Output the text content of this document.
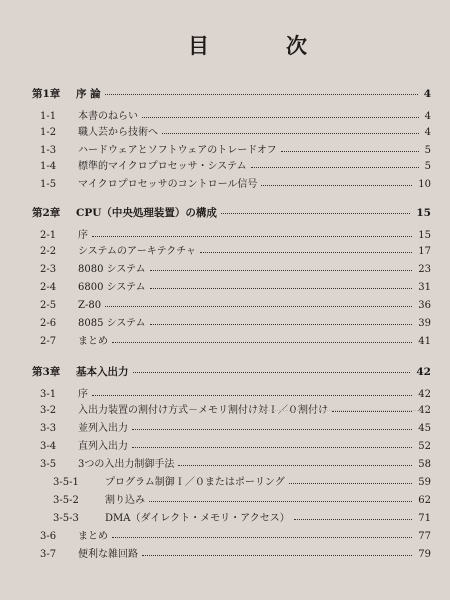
目	次
第1章 序 論	4
1-1 本書のねらい	4
1-2 職人芸から技術へ	4
1-3 ハードウェアとソフトウェアのトレードオフ	5
1-4 標準的マイクロプロセッサ・システム	5
1-5 マイクロプロセッサのコントロール信号	10
第2章 CPU（中央処理装置）の構成	15
2-1 序	15
2-2 システムのアーキテクチャ	17
2-3 8080 システム	23
2-4 6800 システム	31
2-5 Z-80	36
2-6 8085 システム	39
2-7 まとめ	41
第3章 基本入出力	42
3-1 序	42
3-2 入出力装置の割付け方式－メモリ割付け対Ｉ／０割付け	42
3-3 並列入出力	45
3-4 直列入出力	52
3-5 3つの入出力制御手法	58
3-5-1	プログラム制御Ｉ／０またはポーリング	59
3-5-2	割り込み	62
3-5-3	DMA（ダイレクト・メモリ・アクセス）	71
3-6 まとめ	77
3-7 便利な雑回路	79
